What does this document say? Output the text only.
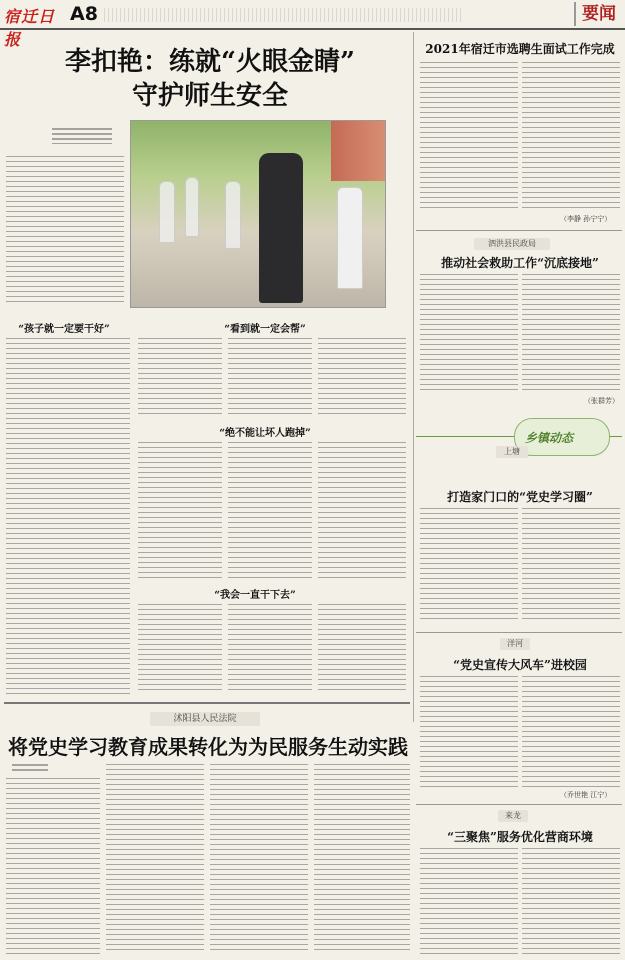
宿迁日报
A8	要闻
李扣艳：练就“火眼金睛”
守护师生安全
“孩子就一定要干好”	“看到就一定会帮”
“绝不能让坏人跑掉”
“我会一直干下去”
沭阳县人民法院
将党史学习教育成果转化为为民服务生动实践
2021年宿迁市选聘生面试工作完成
（李静 孙宁宁）
泗洪县民政局
推动社会救助工作“沉底接地”
（张群芳）
乡镇动态
上塘
打造家门口的“党史学习圈”
洋河
“党史宣传大风车”进校园
（乔世艳 江宁）
来龙
“三聚焦”服务优化营商环境
